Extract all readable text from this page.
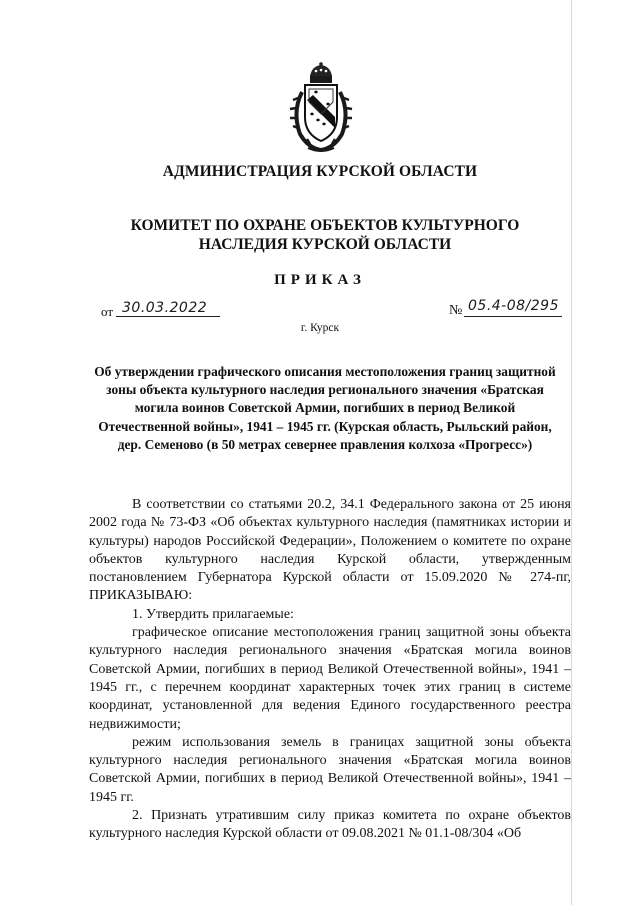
АДМИНИСТРАЦИЯ КУРСКОЙ ОБЛАСТИ
КОМИТЕТ ПО ОХРАНЕ ОБЪЕКТОВ КУЛЬТУРНОГО НАСЛЕДИЯ КУРСКОЙ ОБЛАСТИ
ПРИКАЗ
от 30.03.2022	№ 05.4-08/295
г. Курск
Об утверждении графического описания местоположения границ защитной зоны объекта культурного наследия регионального значения «Братская могила воинов Советской Армии, погибших в период Великой Отечественной войны», 1941 – 1945 гг. (Курская область, Рыльский район, дер. Семеново (в 50 метрах севернее правления колхоза «Прогресс»)

В соответствии со статьями 20.2, 34.1 Федерального закона от 25 июня 2002 года № 73-ФЗ «Об объектах культурного наследия (памятниках истории и культуры) народов Российской Федерации», Положением о комитете по охране объектов культурного наследия Курской области, утвержденным постановлением Губернатора Курской области от 15.09.2020 № 274-пг, ПРИКАЗЫВАЮ:

1. Утвердить прилагаемые:

графическое описание местоположения границ защитной зоны объекта культурного наследия регионального значения «Братская могила воинов Советской Армии, погибших в период Великой Отечественной войны», 1941 – 1945 гг., с перечнем координат характерных точек этих границ в системе координат, установленной для ведения Единого государственного реестра недвижимости;

режим использования земель в границах защитной зоны объекта культурного наследия регионального значения «Братская могила воинов Советской Армии, погибших в период Великой Отечественной войны», 1941 – 1945 гг.

2. Признать утратившим силу приказ комитета по охране объектов культурного наследия Курской области от 09.08.2021 № 01.1-08/304 «Об
